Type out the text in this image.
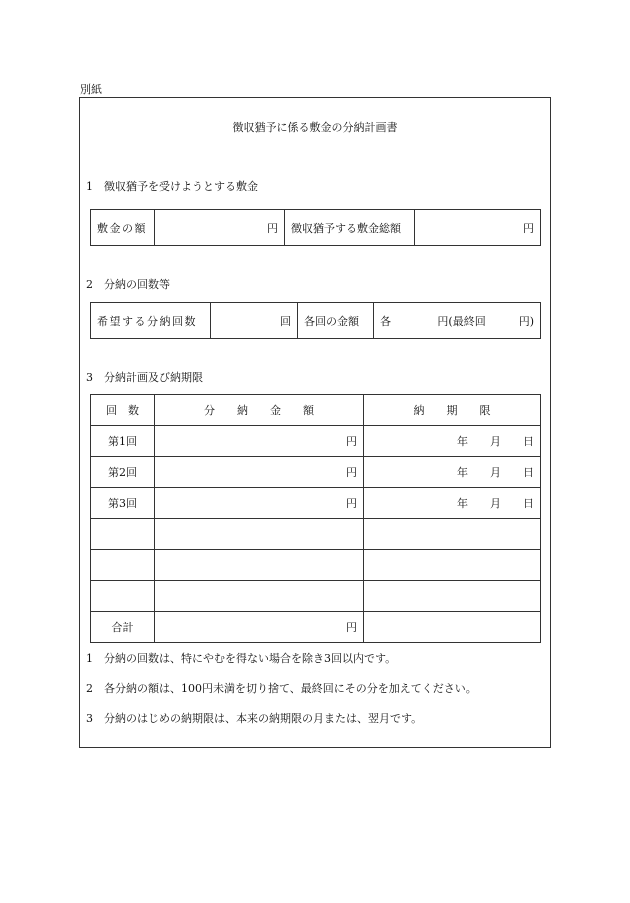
別紙
徴収猶予に係る敷金の分納計画書
1　徴収猶予を受けようとする敷金
敷金の額	円	徴収猶予する敷金総額	円
2　分納の回数等
希望する分納回数	回	各回の金額	各	円(最終回　　　円)
3　分納計画及び納期限
回　数	分　　納　　金　　額	納　　期　　限
第1回	円	年　　月　　日
第2回	円	年　　月　　日
第3回	円	年　　月　　日

合計	円	
1　分納の回数は、特にやむを得ない場合を除き3回以内です。
2　各分納の額は、100円未満を切り捨て、最終回にその分を加えてください。
3　分納のはじめの納期限は、本来の納期限の月または、翌月です。
